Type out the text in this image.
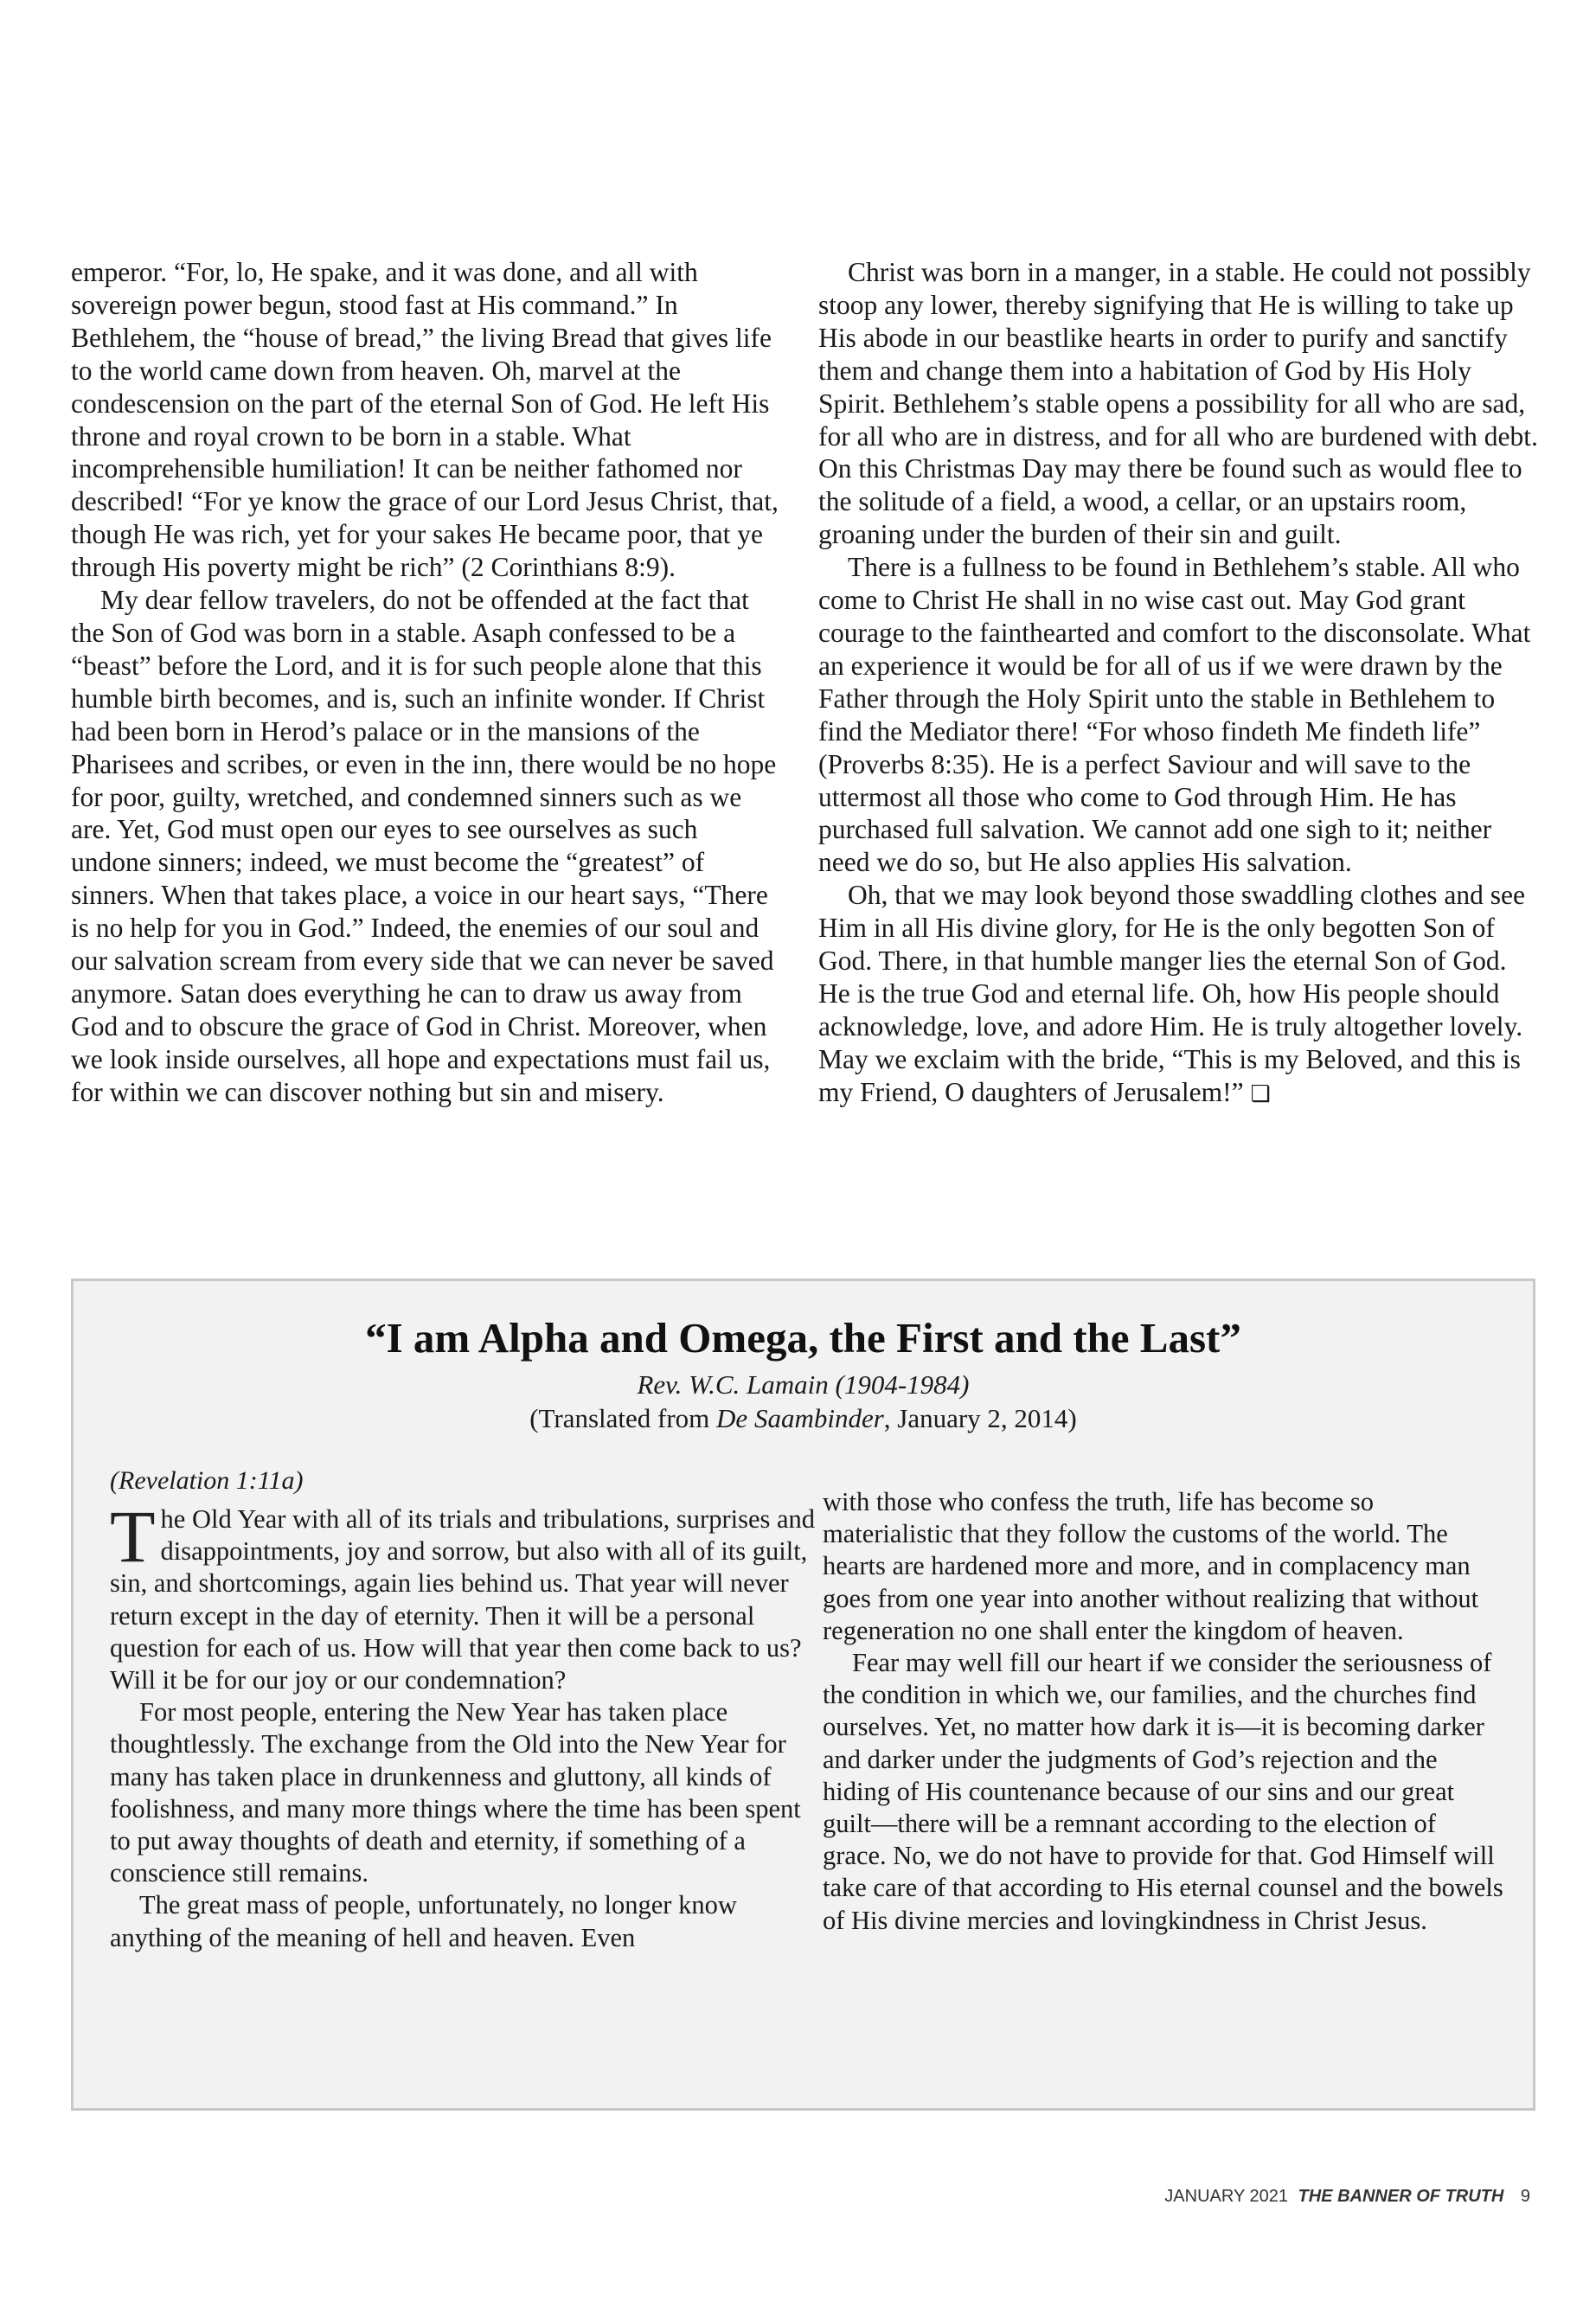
emperor. “For, lo, He spake, and it was done, and all with sovereign power begun, stood fast at His command.” In Bethlehem, the “house of bread,” the living Bread that gives life to the world came down from heaven. Oh, marvel at the condescension on the part of the eternal Son of God. He left His throne and royal crown to be born in a stable. What incomprehensible humiliation! It can be neither fathomed nor described! “For ye know the grace of our Lord Jesus Christ, that, though He was rich, yet for your sakes He became poor, that ye through His poverty might be rich” (2 Corinthians 8:9).

My dear fellow travelers, do not be offended at the fact that the Son of God was born in a stable. Asaph confessed to be a “beast” before the Lord, and it is for such people alone that this humble birth becomes, and is, such an infinite wonder. If Christ had been born in Herod’s palace or in the mansions of the Pharisees and scribes, or even in the inn, there would be no hope for poor, guilty, wretched, and condemned sinners such as we are. Yet, God must open our eyes to see ourselves as such undone sinners; indeed, we must become the “greatest” of sinners. When that takes place, a voice in our heart says, “There is no help for you in God.” Indeed, the enemies of our soul and our salvation scream from every side that we can never be saved anymore. Satan does everything he can to draw us away from God and to obscure the grace of God in Christ. Moreover, when we look inside ourselves, all hope and expectations must fail us, for within we can discover nothing but sin and misery.

Christ was born in a manger, in a stable. He could not possibly stoop any lower, thereby signifying that He is willing to take up His abode in our beastlike hearts in order to purify and sanctify them and change them into a habitation of God by His Holy Spirit. Bethlehem’s stable opens a possibility for all who are sad, for all who are in distress, and for all who are burdened with debt. On this Christmas Day may there be found such as would flee to the solitude of a field, a wood, a cellar, or an upstairs room, groaning under the burden of their sin and guilt.

There is a fullness to be found in Bethlehem’s stable. All who come to Christ He shall in no wise cast out. May God grant courage to the fainthearted and comfort to the disconsolate. What an experience it would be for all of us if we were drawn by the Father through the Holy Spirit unto the stable in Bethlehem to find the Mediator there! “For whoso findeth Me findeth life” (Proverbs 8:35). He is a perfect Saviour and will save to the uttermost all those who come to God through Him. He has purchased full salvation. We cannot add one sigh to it; neither need we do so, but He also applies His salvation.

Oh, that we may look beyond those swaddling clothes and see Him in all His divine glory, for He is the only begotten Son of God. There, in that humble manger lies the eternal Son of God. He is the true God and eternal life. Oh, how His people should acknowledge, love, and adore Him. He is truly altogether lovely. May we exclaim with the bride, “This is my Beloved, and this is my Friend, O daughters of Jerusalem!” ❏

“I am Alpha and Omega, the First and the Last”
Rev. W.C. Lamain (1904-1984)
(Translated from De Saambinder, January 2, 2014)
(Revelation 1:11a)

The Old Year with all of its trials and tribulations, surprises and disappointments, joy and sorrow, but also with all of its guilt, sin, and shortcomings, again lies behind us. That year will never return except in the day of eternity. Then it will be a personal question for each of us. How will that year then come back to us? Will it be for our joy or our condemnation?

For most people, entering the New Year has taken place thoughtlessly. The exchange from the Old into the New Year for many has taken place in drunkenness and gluttony, all kinds of foolishness, and many more things where the time has been spent to put away thoughts of death and eternity, if something of a conscience still remains.

The great mass of people, unfortunately, no longer know anything of the meaning of hell and heaven. Even

with those who confess the truth, life has become so materialistic that they follow the customs of the world. The hearts are hardened more and more, and in complacency man goes from one year into another without realizing that without regeneration no one shall enter the kingdom of heaven.

Fear may well fill our heart if we consider the seriousness of the condition in which we, our families, and the churches find ourselves. Yet, no matter how dark it is—it is becoming darker and darker under the judgments of God’s rejection and the hiding of His countenance because of our sins and our great guilt—there will be a remnant according to the election of grace. No, we do not have to provide for that. God Himself will take care of that according to His eternal counsel and the bowels of His divine mercies and lovingkindness in Christ Jesus.

JANUARY 2021 THE BANNER OF TRUTH 9
